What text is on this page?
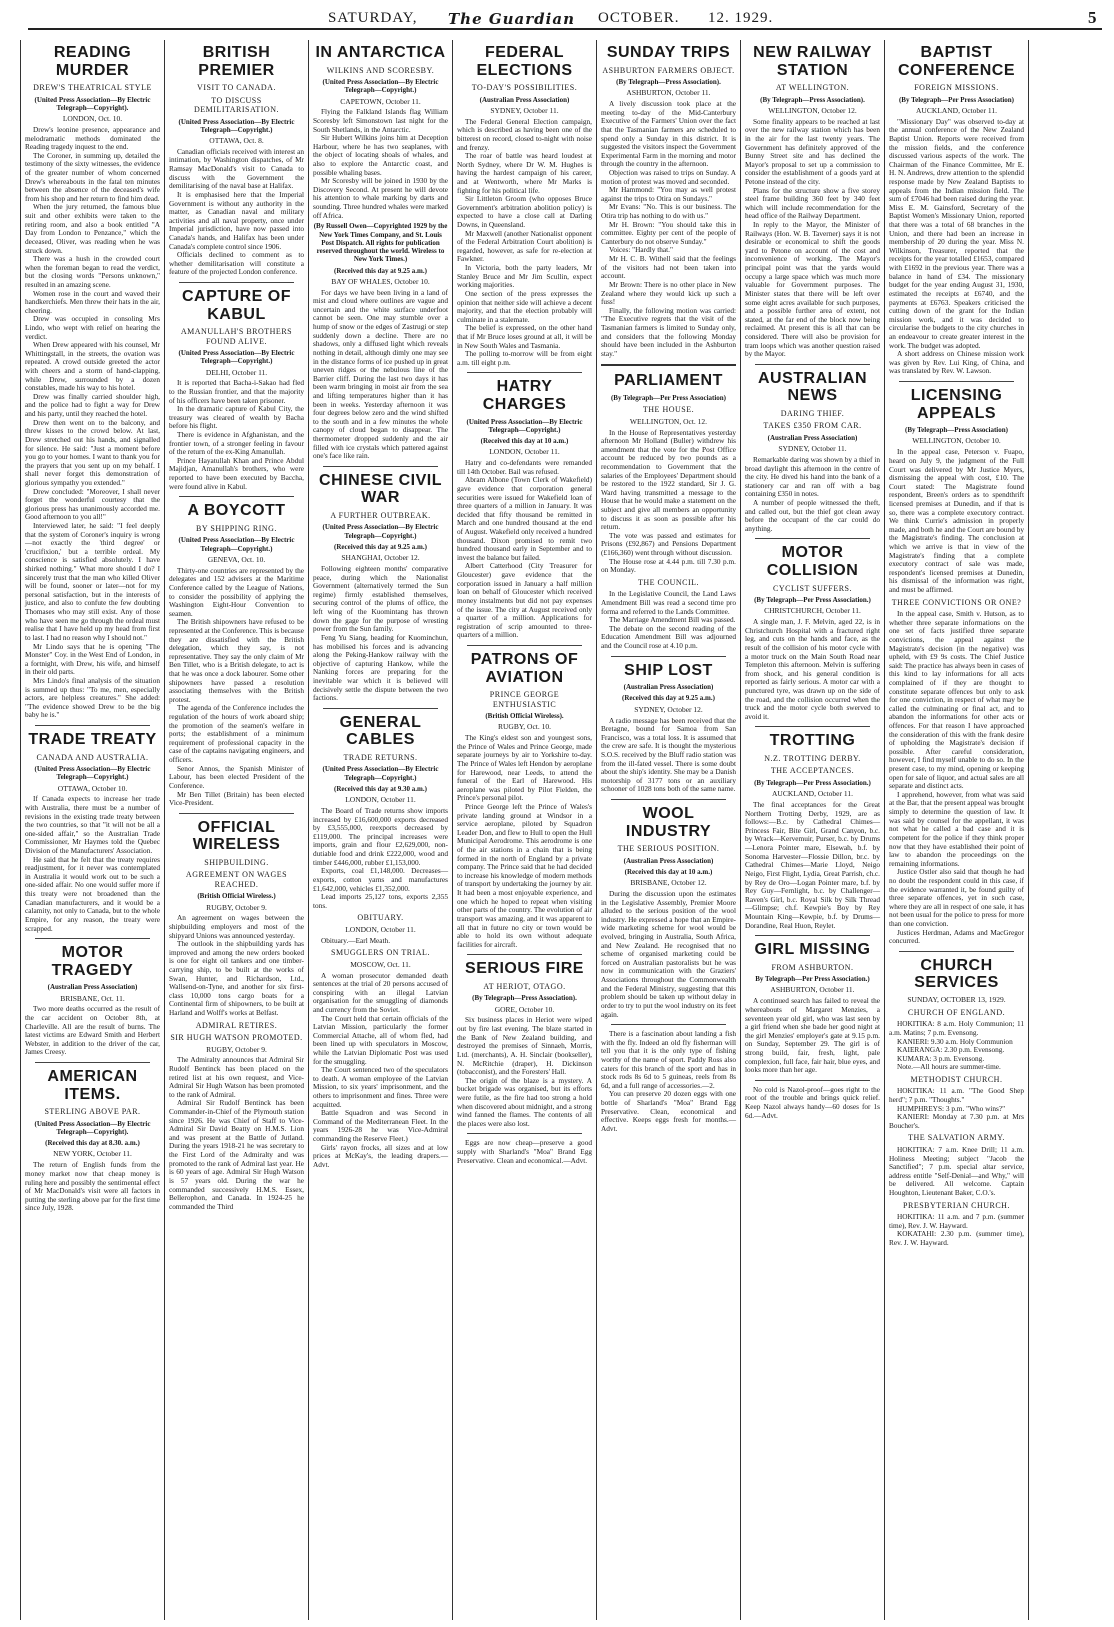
SATURDAY, The Guardian OCTOBER. 12. 1929.	5
READING MURDER
DREW'S THEATRICAL STYLE
(United Press Association—By Electric Telegraph—Copyright).
LONDON, Oct. 10.

Drew's leonine presence, appearance and melodramatic methods dominated the Reading tragedy inquest to the end.

The Coroner, in summing up, detailed the testimony of the sixty witnesses, the evidence of the greater number of whom concerned Drew's whereabouts in the fatal ten minutes between the absence of the deceased's wife from his shop and her return to find him dead.

When the jury returned, the famous blue suit and other exhibits were taken to the retiring room, and also a book entitled "A Day from London to Penzance," which the deceased, Oliver, was reading when he was struck down.

There was a hush in the crowded court when the foreman began to read the verdict, but the closing words "Persons unknown," resulted in an amazing scene.

Women rose in the court and waved their handkerchiefs. Men threw their hats in the air, cheering.

Drew was occupied in consoling Mrs Lindo, who wept with relief on hearing the verdict.

When Drew appeared with his counsel, Mr Whittingstall, in the streets, the ovation was repeated. A crowd outside greeted the actor with cheers and a storm of hand-clapping, while Drew, surrounded by a dozen constables, made his way to his hotel.

Drew was finally carried shoulder high, and the police had to fight a way for Drew and his party, until they reached the hotel.

Drew then went on to the balcony, and threw kisses to the crowd below. At last, Drew stretched out his hands, and signalled for silence. He said: "Just a moment before you go to your homes. I want to thank you for the prayers that you sent up on my behalf. I shall never forget this demonstration of glorious sympathy you extended."

Drew concluded: "Moreover, I shall never forget the wonderful courtesy that the glorious press has unanimously accorded me. Good afternoon to you all!"

Interviewed later, he said: "I feel deeply that the system of Coroner's inquiry is wrong—not exactly the 'third degree' or 'crucifixion,' but a terrible ordeal. My conscience is satisfied absolutely. I have shirked nothing." What more should I do? I sincerely trust that the man who killed Oliver will be found, sooner or later—not for my personal satisfaction, but in the interests of justice, and also to confute the few doubting Thomases who may still exist. Any of those who have seen me go through the ordeal must realise that I have held up my head from first to last. I had no reason why I should not."

Mr Lindo says that he is opening "The Monster" Coy. in the West End of London, in a fortnight, with Drew, his wife, and himself in their old parts.

Mrs Lindo's final analysis of the situation is summed up thus: "To me, men, especially actors, are helpless creatures." She added: "The evidence showed Drew to be the big baby he is."

TRADE TREATY
CANADA AND AUSTRALIA.
(United Press Association—By Electric Telegraph—Copyright.)
OTTAWA, October 10.

If Canada expects to increase her trade with Australia, there must be a number of revisions in the existing trade treaty between the two countries, so that "it will not be all a one-sided affair," so the Australian Trade Commissioner, Mr Haymes told the Quebec Division of the Manufacturers' Association.

He said that he felt that the treaty requires readjustment, for it never was contemplated in Australia it would work out to be such a one-sided affair. No one would suffer more if this treaty were not broadened than the Canadian manufacturers, and it would be a calamity, not only to Canada, but to the whole Empire, for any reason, the treaty were scrapped.

MOTOR TRAGEDY
(Australian Press Association)
BRISBANE, Oct. 11.

Two more deaths occurred as the result of the car accident on October 8th, at Charleville. All are the result of burns. The latest victims are Edward Smith and Herbert Webster, in addition to the driver of the car, James Creesy.

AMERICAN ITEMS.
STERLING ABOVE PAR.
(United Press Association—By Electric Telegraph—Copyright).
(Received this day at 8.30. a.m.)
NEW YORK, October 11.

The return of English funds from the money market now that cheap money is ruling here and possibly the sentimental effect of Mr MacDonald's visit were all factors in putting the sterling above par for the first time since July, 1928.

BRITISH PREMIER
VISIT TO CANADA.
TO DISCUSS DEMILITARISATION.
(United Press Association—By Electric Telegraph—Copyright.)
OTTAWA, Oct. 8.

Canadian officials received with interest an intimation, by Washington dispatches, of Mr Ramsay MacDonald's visit to Canada to discuss with the Government the demilitarising of the naval base at Halifax.

It is emphasised here that the Imperial Government is without any authority in the matter, as Canadian naval and military activities and all naval property, once under Imperial jurisdiction, have now passed into Canada's hands, and Halifax has been under Canada's complete control since 1906.

Officials declined to comment as to whether demilitarisation will constitute a feature of the projected London conference.

CAPTURE OF KABUL
AMANULLAH'S BROTHERS FOUND ALIVE.
(United Press Association—By Electric Telegraph—Copyright.)
DELHI, October 11.

It is reported that Bacha-i-Sakao had fled to the Russian frontier, and that the majority of his officers have been taken prisoner.

In the dramatic capture of Kabul City, the treasury was cleared of wealth by Bacha before his flight.

There is evidence in Afghanistan, and the frontier town, of a stronger feeling in favour of the return of the ex-King Amanullah.

Prince Hayatullah Khan and Prince Abdul Majidjan, Amanullah's brothers, who were reported to have been executed by Baccha, were found alive in Kabul.

A BOYCOTT
BY SHIPPING RING.
(United Press Association—By Electric Telegraph—Copyright.)
GENEVA, Oct. 10.

Thirty-one countries are represented by the delegates and 152 advisers at the Maritime Conference called by the League of Nations, to consider the possibility of applying the Washington Eight-Hour Convention to seamen.

The British shipowners have refused to be represented at the Conference. This is because they are dissatisfied with the British delegation, which they say, is not representative. They say the only claim of Mr Ben Tillet, who is a British delegate, to act is that he was once a dock labourer. Some other shipowners have passed a resolution associating themselves with the British protest.

The agenda of the Conference includes the regulation of the hours of work aboard ship; the promotion of the seamen's welfare in ports; the establishment of a minimum requirement of professional capacity in the case of the captains navigating engineers, and officers.

Senor Annos, the Spanish Minister of Labour, has been elected President of the Conference.

Mr Ben Tillet (Britain) has been elected Vice-President.

OFFICIAL WIRELESS
SHIPBUILDING.
AGREEMENT ON WAGES REACHED.
(British Official Wireless.)
RUGBY, October 9.

An agreement on wages between the shipbuilding employers and most of the shipyard Unions was announced yesterday.

The outlook in the shipbuilding yards has improved and among the new orders booked is one for eight oil tankers and one timber-carrying ship, to be built at the works of Swan, Hunter, and Richardson, Ltd., Wallsend-on-Tyne, and another for six first-class 10,000 tons cargo boats for a Continental firm of shipowners, to be built at Harland and Wolff's works at Belfast.

ADMIRAL RETIRES.
SIR HUGH WATSON PROMOTED.
RUGBY, October 9.

The Admiralty announces that Admiral Sir Rudolf Bentinck has been placed on the retired list at his own request, and Vice-Admiral Sir Hugh Watson has been promoted to the rank of Admiral.

Admiral Sir Rudolf Bentinck has been Commander-in-Chief of the Plymouth station since 1926. He was Chief of Staff to Vice-Admiral Sir David Beatty on H.M.S. Lion and was present at the Battle of Jutland. During the years 1918-21 he was secretary to the First Lord of the Admiralty and was promoted to the rank of Admiral last year. He is 60 years of age. Admiral Sir Hugh Watson is 57 years old. During the war he commanded successively H.M.S. Essex, Bellerophon, and Canada. In 1924-25 he commanded the Third

IN ANTARCTICA
WILKINS AND SCORESBY.
(United Press Association—By Electric Telegraph—Copyright.)
CAPETOWN, October 11.

Flying the Falkland Islands flag William Scoresby left Simonstown last night for the South Shetlands, in the Antarctic.

Sir Hubert Wilkins joins him at Deception Harbour, where he has two seaplanes, with the object of locating shoals of whales, and also to explore the Antarctic coast, and possible whaling bases.

Mr Scoresby will be joined in 1930 by the Discovery Second. At present he will devote his attention to whale marking by darts and sounding. Three hundred whales were marked off Africa.

(By Russell Owen—Copyrighted 1929 by the New York Times Company, and St. Louis Post Dispatch. All rights for publication reserved throughout the world. Wireless to New York Times.)
(Received this day at 9.25 a.m.)
BAY OF WHALES, October 10.

For days we have been living in a land of mist and cloud where outlines are vague and uncertain and the white surface underfoot cannot be seen. One may stumble over a hump of snow or the edges of Zastrugi or step suddenly down a decline. There are no shadows, only a diffused light which reveals nothing in detail, although dimly one may see in the distance forms of ice pushed up in great uneven ridges or the nebulous line of the Barrier cliff. During the last two days it has been warm bringing in moist air from the sea and lifting temperatures higher than it has been in weeks. Yesterday afternoon it was four degrees below zero and the wind shifted to the south and in a few minutes the whole canopy of cloud began to disappear. The thermometer dropped suddenly and the air filled with ice crystals which pattered against one's face like rain.

CHINESE CIVIL WAR
A FURTHER OUTBREAK.
(United Press Association—By Electric Telegraph—Copyright.)
(Received this day at 9.25 a.m.)
SHANGHAI, October 12.

Following eighteen months' comparative peace, during which the Nationalist Government (alternatively termed the Sun regime) firmly established themselves, securing control of the plums of office, the left wing of the Kuomintang has thrown down the gage for the purpose of wresting power from the Sun family.

Feng Yu Siang, heading for Kuominchun, has mobilised his forces and is advancing along the Peking-Hankow railway with the objective of capturing Hankow, while the Nanking forces are preparing for the inevitable war which it is believed will decisively settle the dispute between the two factions.

GENERAL CABLES
TRADE RETURNS.
(United Press Association—By Electric Telegraph—Copyright.)
(Received this day at 9.30 a.m.)
LONDON, October 11.

The Board of Trade returns show imports increased by £16,600,000 exports decreased by £3,555,000, reexports decreased by £119,000. The principal increases were imports, grain and flour £2,629,000, non-dutiable food and drink £222,000, wood and timber £446,000, rubber £1,153,000.

Exports, coal £1,148,000. Decreases—exports, cotton yarns and manufactures £1,642,000, vehicles £1,352,000.

Lead imports 25,127 tons, exports 2,355 tons.

OBITUARY.
LONDON, October 11.

Obituary.—Earl Meath.

SMUGGLERS ON TRIAL.
MOSCOW, Oct. 11.

A woman prosecutor demanded death sentences at the trial of 20 persons accused of conspiring with an illegal Latvian organisation for the smuggling of diamonds and currency from the Soviet.

The Court held that certain officials of the Latvian Mission, particularly the former Commercial Attache, all of whom fled, had been lined up with speculators in Moscow, while the Latvian Diplomatic Post was used for the smuggling.

The Court sentenced two of the speculators to death. A woman employee of the Latvian Mission, to six years' imprisonment, and the others to imprisonment and fines. Three were acquitted.

Battle Squadron and was Second in Command of the Mediterranean Fleet. In the years 1926-28 he was Vice-Admiral commanding the Reserve Fleet.)

Girls' rayon frocks, all sizes and at low prices at McKay's, the leading drapers.—Advt.

FEDERAL ELECTIONS
TO-DAY'S POSSIBILITIES.
(Australian Press Association)
SYDNEY, October 11.

The Federal General Election campaign, which is described as having been one of the bitterest on record, closed to-night with noise and frenzy.

The roar of battle was heard loudest at North Sydney, where Dr W. M. Hughes is having the hardest campaign of his career, and at Wentworth, where Mr Marks is fighting for his political life.

Sir Littleton Groom (who opposes Bruce Government's arbitration abolition policy) is expected to have a close call at Darling Downs, in Queensland.

Mr Maxwell (another Nationalist opponent of the Federal Arbitration Court abolition) is regarded, however, as safe for re-election at Fawkner.

In Victoria, both the party leaders, Mr Stanley Bruce and Mr Jim Scullin, expect working majorities.

One section of the press expresses the opinion that neither side will achieve a decent majority, and that the election probably will culminate in a stalemate.

The belief is expressed, on the other hand that if Mr Bruce loses ground at all, it will be in New South Wales and Tasmania.

The polling to-morrow will be from eight a.m. till eight p.m.

HATRY CHARGES
(United Press Association—By Electric Telegraph—Copyright.)
(Received this day at 10 a.m.)
LONDON, October 11.

Hatry and co-defendants were remanded till 14th October. Bail was refused.

Abram Albone (Town Clerk of Wakefield) gave evidence that corporation general securities were issued for Wakefield loan of three quarters of a million in January. It was decided that fifty thousand be remitted in March and one hundred thousand at the end of August. Wakefield only received a hundred thousand. Dixon promised to remit two hundred thousand early in September and to invest the balance but failed.

Albert Catterhood (City Treasurer for Gloucester) gave evidence that the corporation issued in January a half million loan on behalf of Gloucester which received money instalments but did not pay expenses of the issue. The city at August received only a quarter of a million. Applications for registration of scrip amounted to three-quarters of a million.

PATRONS OF AVIATION
PRINCE GEORGE ENTHUSIASTIC
(British Official Wireless).
RUGBY, Oct. 10.

The King's eldest son and youngest sons, the Prince of Wales and Prince George, made separate journeys by air to Yorkshire to-day. The Prince of Wales left Hendon by aeroplane for Harewood, near Leeds, to attend the funeral of the Earl of Harewood. His aeroplane was piloted by Pilot Fielden, the Prince's personal pilot.

Prince George left the Prince of Wales's private landing ground at Windsor in a service aeroplane, piloted by Squadron Leader Don, and flew to Hull to open the Hull Municipal Aerodrome. This aerodrome is one of the air stations in a chain that is being formed in the north of England by a private company. The Prince said that he had decided to increase his knowledge of modern methods of transport by undertaking the journey by air. It had been a most enjoyable experience, and one which he hoped to repeat when visiting other parts of the country. The evolution of air transport was amazing, and it was apparent to all that in future no city or town would be able to hold its own without adequate facilities for aircraft.

SERIOUS FIRE
AT HERIOT, OTAGO.
(By Telegraph—Press Association).
GORE, October 10.

Six business places in Heriot were wiped out by fire last evening. The blaze started in the Bank of New Zealand building, and destroyed the premises of Sinnaeh, Morris, Ltd. (merchants), A. H. Sinclair (bookseller), N. McRitchie (draper), H. Dickinson (tobacconist), and the Foresters' Hall.

The origin of the blaze is a mystery. A bucket brigade was organised, but its efforts were futile, as the fire had too strong a hold when discovered about midnight, and a strong wind fanned the flames. The contents of all the places were also lost.

Eggs are now cheap—preserve a good supply with Sharland's "Moa" Brand Egg Preservative. Clean and economical.—Advt.

SUNDAY TRIPS
ASHBURTON FARMERS OBJECT.
(By Telegraph—Press Association).
ASHBURTON, October 11.

A lively discussion took place at the meeting to-day of the Mid-Canterbury Executive of the Farmers' Union over the fact that the Tasmanian farmers are scheduled to spend only a Sunday in this district. It is suggested the visitors inspect the Government Experimental Farm in the morning and motor through the country in the afternoon.

Objection was raised to trips on Sunday. A motion of protest was moved and seconded.

Mr Hammond: "You may as well protest against the trips to Otira on Sundays."

Mr Evans: "No. This is our business. The Otira trip has nothing to do with us."

Mr H. Brown: "You should take this in committee. Eighty per cent of the people of Canterbury do not observe Sunday."

Voices: "Hardly that."

Mr H. C. B. Withell said that the feelings of the visitors had not been taken into account.

Mr Brown: There is no other place in New Zealand where they would kick up such a fuss!

Finally, the following motion was carried: "The Executive regrets that the visit of the Tasmanian farmers is limited to Sunday only, and considers that the following Monday should have been included in the Ashburton stay."

PARLIAMENT
(By Telegraph—Per Press Association)
THE HOUSE.
WELLINGTON, Oct. 12.

In the House of Representatives yesterday afternoon Mr Holland (Buller) withdrew his amendment that the vote for the Post Office account be reduced by two pounds as a recommendation to Government that the salaries of the Employees' Department should be restored to the 1922 standard, Sir J. G. Ward having transmitted a message to the House that he would make a statement on the subject and give all members an opportunity to discuss it as soon as possible after his return.

The vote was passed and estimates for Prisons (£92,867) and Pensions Department (£166,360) went through without discussion.

The House rose at 4.44 p.m. till 7.30 p.m. on Monday.

THE COUNCIL.

In the Legislative Council, the Land Laws Amendment Bill was read a second time pro forma and referred to the Lands Committee.

The Marriage Amendment Bill was passed.

The debate on the second reading of the Education Amendment Bill was adjourned and the Council rose at 4.10 p.m.

SHIP LOST
(Australian Press Association)
(Received this day at 9.25 a.m.)
SYDNEY, October 12.

A radio message has been received that the Bretagne, bound for Samoa from San Francisco, was a total loss. It is assumed that the crew are safe. It is thought the mysterious S.O.S. received by the Bluff radio station was from the ill-fated vessel. There is some doubt about the ship's identity. She may be a Danish motorship of 3177 tons or an auxiliary schooner of 1028 tons both of the same name.

WOOL INDUSTRY
THE SERIOUS POSITION.
(Australian Press Association)
(Received this day at 10 a.m.)
BRISBANE, October 12.

During the discussion upon the estimates in the Legislative Assembly, Premier Moore alluded to the serious position of the wool industry. He expressed a hope that an Empire-wide marketing scheme for wool would be evolved, bringing in Australia, South Africa, and New Zealand. He recognised that no scheme of organised marketing could be forced on Australian pastoralists but he was now in communication with the Graziers' Associations throughout the Commonwealth and the Federal Ministry, suggesting that this problem should be taken up without delay in order to try to put the wool industry on its feet again.

There is a fascination about landing a fish with the fly. Indeed an old fly fisherman will tell you that it is the only type of fishing worthy of the name of sport. Paddy Ross also caters for this branch of the sport and has in stock rods 8s 6d to 5 guineas, reels from 8s 6d, and a full range of accessories.—2.

You can preserve 20 dozen eggs with one bottle of Sharland's "Moa" Brand Egg Preservative. Clean, economical and effective. Keeps eggs fresh for months.—Advt.

NEW RAILWAY STATION
AT WELLINGTON.
(By Telegraph—Press Association).
WELLINGTON, October 12.

Some finality appears to be reached at last over the new railway station which has been in the air for the last twenty years. The Government has definitely approved of the Bunny Street site and has declined the Mayor's proposal to set up a commission to consider the establishment of a goods yard at Petone instead of the city.

Plans for the structure show a five storey steel frame building 360 feet by 340 feet which will include recommendation for the head office of the Railway Department.

In reply to the Mayor, the Minister of Railways (Hon. W. B. Taverner) says it is not desirable or economical to shift the goods yard to Petone on account of the cost and inconvenience of working. The Mayor's principal point was that the yards would occupy a large space which was much more valuable for Government purposes. The Minister states that there will be left over some eight acres available for such purposes, and a possible further area of extent, not stated, at the far end of the block now being reclaimed. At present this is all that can be considered. There will also be provision for tram loops which was another question raised by the Mayor.

AUSTRALIAN NEWS
DARING THIEF.
TAKES £350 FROM CAR.
(Australian Press Association)
SYDNEY, October 11.

Remarkable daring was shown by a thief in broad daylight this afternoon in the centre of the city. He dived his hand into the bank of a stationery car and ran off with a bag containing £350 in notes.

A number of people witnessed the theft, and called out, but the thief got clean away before the occupant of the car could do anything.

MOTOR COLLISION
CYCLIST SUFFERS.
(By Telegraph—Per Press Association.)
CHRISTCHURCH, October 11.

A single man, J. F. Melvin, aged 22, is in Christchurch Hospital with a fractured right leg, and cuts on the hands and face, as the result of the collision of his motor cycle with a motor truck on the Main South Road near Templeton this afternoon. Melvin is suffering from shock, and his general condition is reported as fairly serious. A motor car with a punctured tyre, was drawn up on the side of the road, and the collision occurred when the truck and the motor cycle both swerved to avoid it.

TROTTING
N.Z. TROTTING DERBY.
THE ACCEPTANCES.
(By Telegraph—Per Press Association.)
AUCKLAND, October 11.

The final acceptances for the Great Northern Trotting Derby, 1929, are as follows:—B.c. by Cathedral Chimes—Princess Fair, Bite Girl, Grand Canyon, b.c. by Wrack—Kervemuir, Purser, b.c. by Drums—Lenora Pointer mare, Elsewah, b.f. by Sonoma Harvester—Flossie Dillon, br.c. by Cathedral Chimes—Marie Lloyd, Neigo Neigo, First Flight, Lydia, Great Parrish, ch.c. by Rey de Oro—Logan Pointer mare, b.f. by Rey Guy—Fernlight, b.c. by Challenger—Raven's Girl, b.c. Royal Silk by Silk Thread—Glimpse; ch.f. Kewpie's Boy by Rey Mountain King—Kewpie, b.f. by Drums—Dorandine, Real Huon, Reylet.

GIRL MISSING
FROM ASHBURTON.
By Telegraph—Per Press Association.)
ASHBURTON, October 11.

A continued search has failed to reveal the whereabouts of Margaret Menzies, a seventeen year old girl, who was last seen by a girl friend when she bade her good night at the girl Menzies' employer's gate at 9.15 p.m. on Sunday, September 29. The girl is of strong build, fair, fresh, light, pale complexion, full face, fair hair, blue eyes, and looks more than her age.

No cold is Nazol-proof—goes right to the root of the trouble and brings quick relief. Keep Nazol always handy—60 doses for 1s 6d.—Advt.

BAPTIST CONFERENCE
FOREIGN MISSIONS.
(By Telegraph—Per Press Association)
AUCKLAND, October 11.

"Missionary Day" was observed to-day at the annual conference of the New Zealand Baptist Union. Reports were received from the mission fields, and the conference discussed various aspects of the work. The Chairman of the Finance Committee, Mr E. H. N. Andrews, drew attention to the splendid response made by New Zealand Baptists to appeals from the Indian mission field. The sum of £7046 had been raised during the year. Miss E. M. Gainsford, Secretary of the Baptist Women's Missionary Union, reported that there was a total of 68 branches in the Union, and there had been an increase in membership of 20 during the year. Miss N. Wilkinson, Treasurer, reported that the receipts for the year totalled £1653, compared with £1692 in the previous year. There was a balance in hand of £34. The missionary budget for the year ending August 31, 1930, estimated the receipts at £6740, and the payments at £6763. Speakers criticised the cutting down of the grant for the Indian mission work, and it was decided to circularise the budgets to the city churches in an endeavour to create greater interest in the work. The budget was adopted.

A short address on Chinese mission work was given by Rev. Lui King, of China, and was translated by Rev. W. Lawson.

LICENSING APPEALS
(By Telegraph—Press Association)
WELLINGTON, October 10.

In the appeal case, Peterson v. Fuapo, heard on July 9, the judgment of the Full Court was delivered by Mr Justice Myers, dismissing the appeal with cost, £10. The Court stated: The Magistrate found respondent, Breen's orders as to spendthrift licensed premises at Dunedin, and if that is so, there was a complete executory contract. We think Currie's admission in properly made, and both he and the Court are bound by the Magistrate's finding. The conclusion at which we arrive is that in view of the Magistrate's finding that a complete executory contract of sale was made, respondent's licensed premises at Dunedin, his dismissal of the information was right, and must be affirmed.

THREE CONVICTIONS OR ONE?

In the appeal case, Smith v. Hutson, as to whether three separate informations on the one set of facts justified three separate convictions, the appeal against the Magistrate's decision (in the negative) was upheld, with £9 9s costs. The Chief Justice said: The practice has always been in cases of this kind to lay informations for all acts complained of if they are thought to constitute separate offences but only to ask for one conviction, in respect of what may be called the culminating or final act, and to abandon the informations for other acts or offences. For that reason I have approached the consideration of this with the frank desire of upholding the Magistrate's decision if possible. After careful consideration, however, I find myself unable to do so. In the present case, to my mind, opening or keeping open for sale of liquor, and actual sales are all separate and distinct acts.

I apprehend, however, from what was said at the Bar, that the present appeal was brought simply to determine the question of law. It was said by counsel for the appellant, it was not what he called a bad case and it is competent for the police if they think proper now that they have established their point of law to abandon the proceedings on the remaining informations.

Justice Ostler also said that though he had no doubt the respondent could in this case, if the evidence warranted it, be found guilty of three separate offences, yet in such case, where they are all in respect of one sale, it has not been usual for the police to press for more than one conviction.

Justices Herdman, Adams and MacGregor concurred.

CHURCH SERVICES
SUNDAY, OCTOBER 13, 1929.
CHURCH OF ENGLAND.

HOKITIKA: 8 a.m. Holy Communion; 11 a.m. Matins; 7 p.m. Evensong.

KANIERI: 9.30 a.m. Holy Communion

KAIERANGA: 2.30 p.m. Evensong.

KUMARA: 3 p.m. Evensong.

Note.—All hours are summer-time.

METHODIST CHURCH.

HOKITIKA: 11 a.m. "The Good Shep herd"; 7 p.m. "Thoughts."

HUMPHREYS: 3 p.m. "Who wins?"

KANIERI: Monday at 7.30 p.m. at Mrs Boucher's.

THE SALVATION ARMY.

HOKITIKA: 7 a.m. Knee Drill; 11 a.m. Holiness Meeting; subject "Jacob the Sanctified"; 7 p.m. special altar service, address entitle "Self-Denial—and Why," will be delivered. All welcome. Captain Houghton, Lieutenant Baker, C.O.'s.

PRESBYTERIAN CHURCH.

HOKITIKA: 11 a.m. and 7 p.m. (summer time), Rev. J. W. Hayward.

KOKATAHI: 2.30 p.m. (summer time), Rev. J. W. Hayward.
